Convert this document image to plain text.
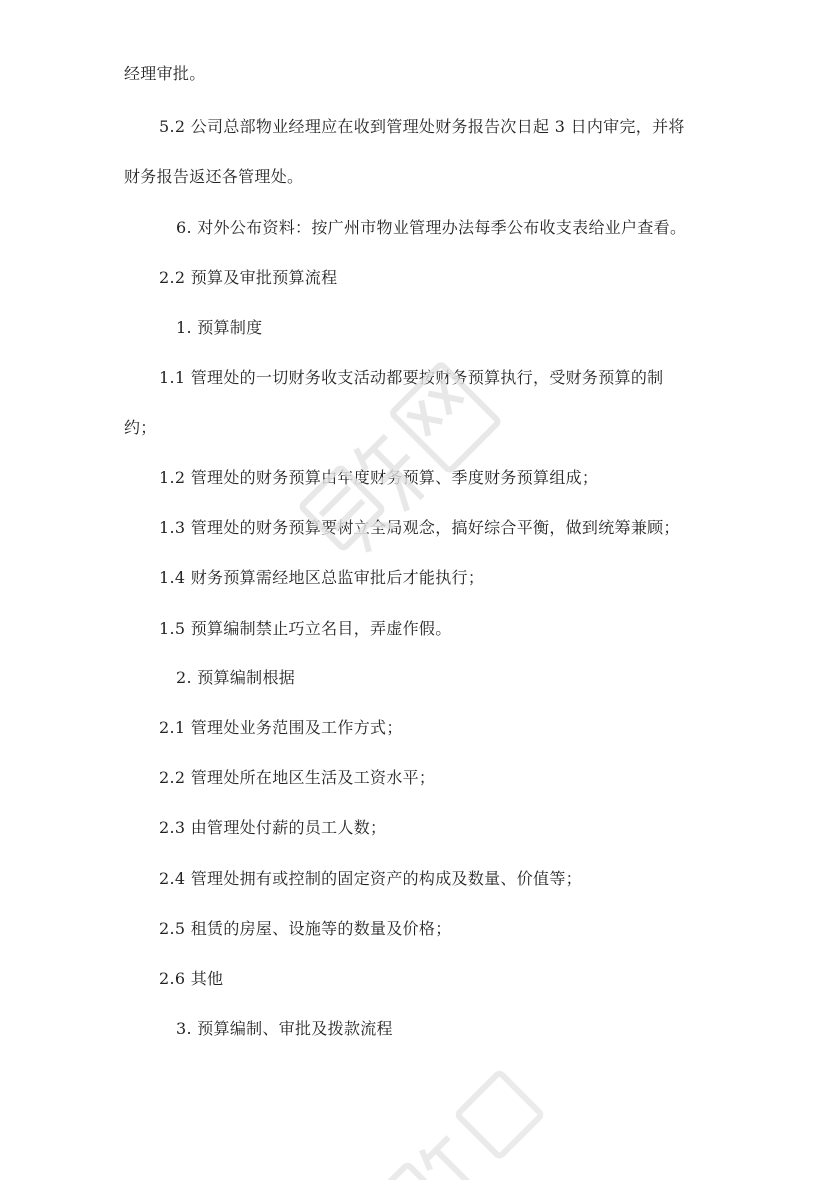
经理审批。
5.2 公司总部物业经理应在收到管理处财务报告次日起 3 日内审完，并将
财务报告返还各管理处。
6. 对外公布资料：按广州市物业管理办法每季公布收支表给业户查看。
2.2 预算及审批预算流程
1. 预算制度
1.1 管理处的一切财务收支活动都要按财务预算执行，受财务预算的制
约；
1.2 管理处的财务预算由年度财务预算、季度财务预算组成；
1.3 管理处的财务预算要树立全局观念，搞好综合平衡，做到统筹兼顾；
1.4 财务预算需经地区总监审批后才能执行；
1.5 预算编制禁止巧立名目，弄虚作假。
2. 预算编制根据
2.1 管理处业务范围及工作方式；
2.2 管理处所在地区生活及工资水平；
2.3 由管理处付薪的员工人数；
2.4 管理处拥有或控制的固定资产的构成及数量、价值等；
2.5 租赁的房屋、设施等的数量及价格；
2.6 其他
3. 预算编制、审批及拨款流程
